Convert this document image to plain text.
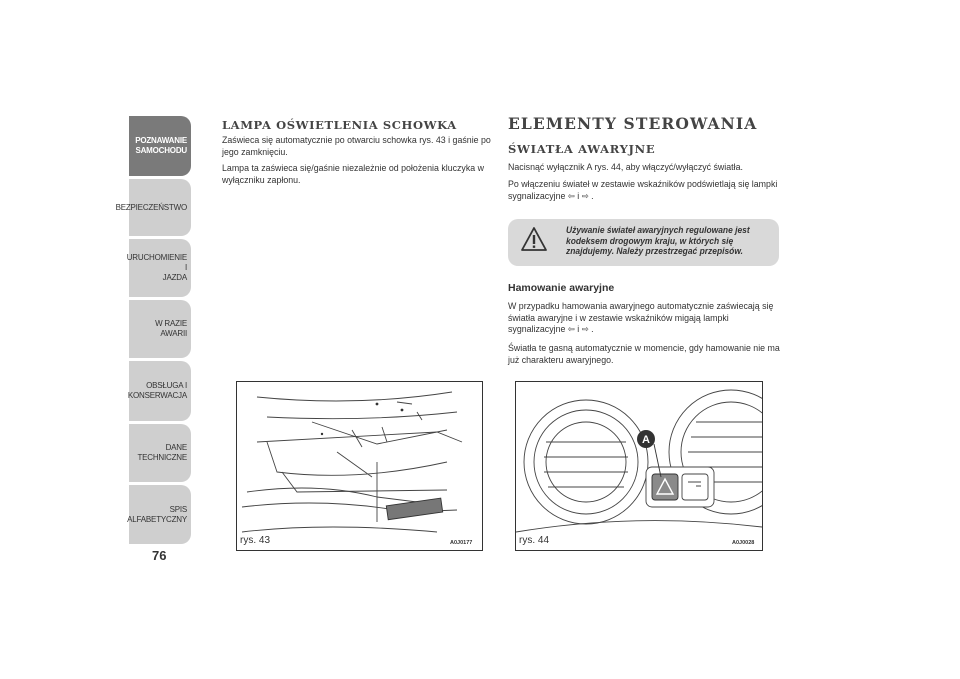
POZNAWANIE
SAMOCHODU
BEZPIECZEŃSTWO
URUCHOMIENIE I
JAZDA
W RAZIE AWARII
OBSŁUGA I
KONSERWACJA
DANE TECHNICZNE
SPIS ALFABETYCZNY
76
LAMPA OŚWIETLENIA SCHOWKA
Zaświeca się automatycznie po otwarciu schowka rys. 43 i gaśnie po
jego zamknięciu.
Lampa ta zaświeca się/gaśnie niezależnie od położenia kluczyka w
wyłączniku zapłonu.
rys. 43	A0J0177
ELEMENTY STEROWANIA
ŚWIATŁA AWARYJNE
Nacisnąć wyłącznik A rys. 44, aby włączyć/wyłączyć światła.
Po włączeniu świateł w zestawie wskaźników podświetlają się lampki
sygnalizacyjne ⇦ i ⇨ .
Używanie świateł awaryjnych regulowane jest
kodeksem drogowym kraju, w których się
znajdujemy. Należy przestrzegać przepisów.
Hamowanie awaryjne
W przypadku hamowania awaryjnego automatycznie zaświecają się
światła awaryjne i w zestawie wskaźników migają lampki
sygnalizacyjne ⇦ i ⇨ .
Światła te gasną automatycznie w momencie, gdy hamowanie nie ma
już charakteru awaryjnego.
A
rys. 44	A0J0028
